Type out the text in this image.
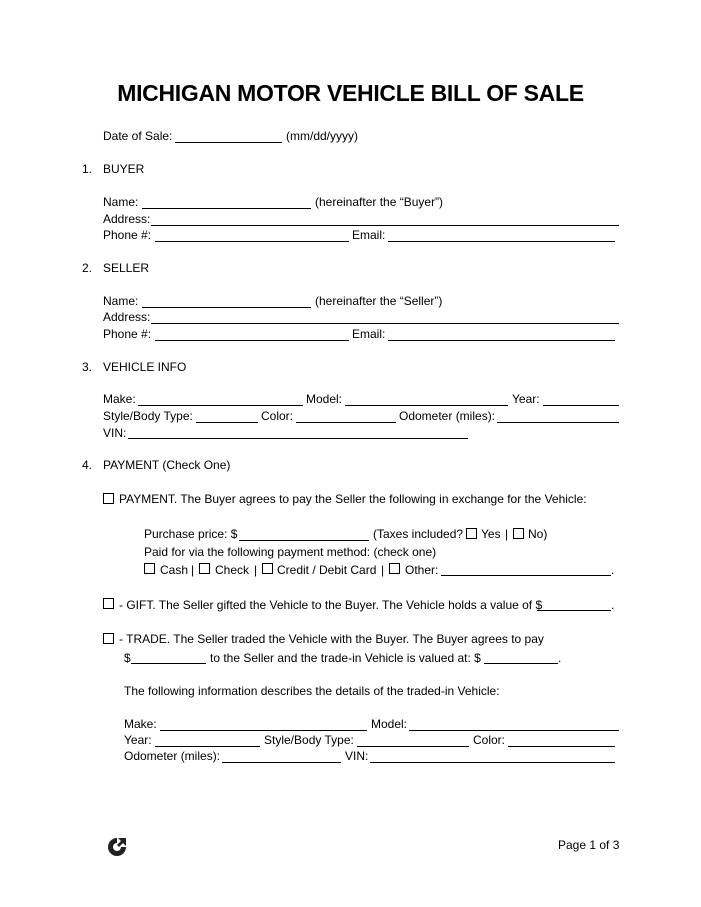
MICHIGAN MOTOR VEHICLE BILL OF SALE
Date of Sale:	(mm/dd/yyyy)
1. BUYER
Name:	(hereinafter the “Buyer”)
Address:
Phone #:	Email:
2. SELLER
Name:	(hereinafter the “Seller”)
Address:
Phone #:	Email:
3. VEHICLE INFO
Make:	Model:	Year:
Style/Body Type:	Color:	Odometer (miles):
VIN:
4. PAYMENT (Check One)
PAYMENT. The Buyer agrees to pay the Seller the following in exchange for the Vehicle:
Purchase price: $	(Taxes included? Yes | No)
Paid for via the following payment method: (check one)
Cash | Check | Credit / Debit Card | Other:	.
- GIFT. The Seller gifted the Vehicle to the Buyer. The Vehicle holds a value of $	.
- TRADE. The Seller traded the Vehicle with the Buyer. The Buyer agrees to pay
$	to the Seller and the trade-in Vehicle is valued at: $	.
The following information describes the details of the traded-in Vehicle:
Make:	Model:
Year:	Style/Body Type:	Color:
Odometer (miles):	VIN:
Page 1 of 3
